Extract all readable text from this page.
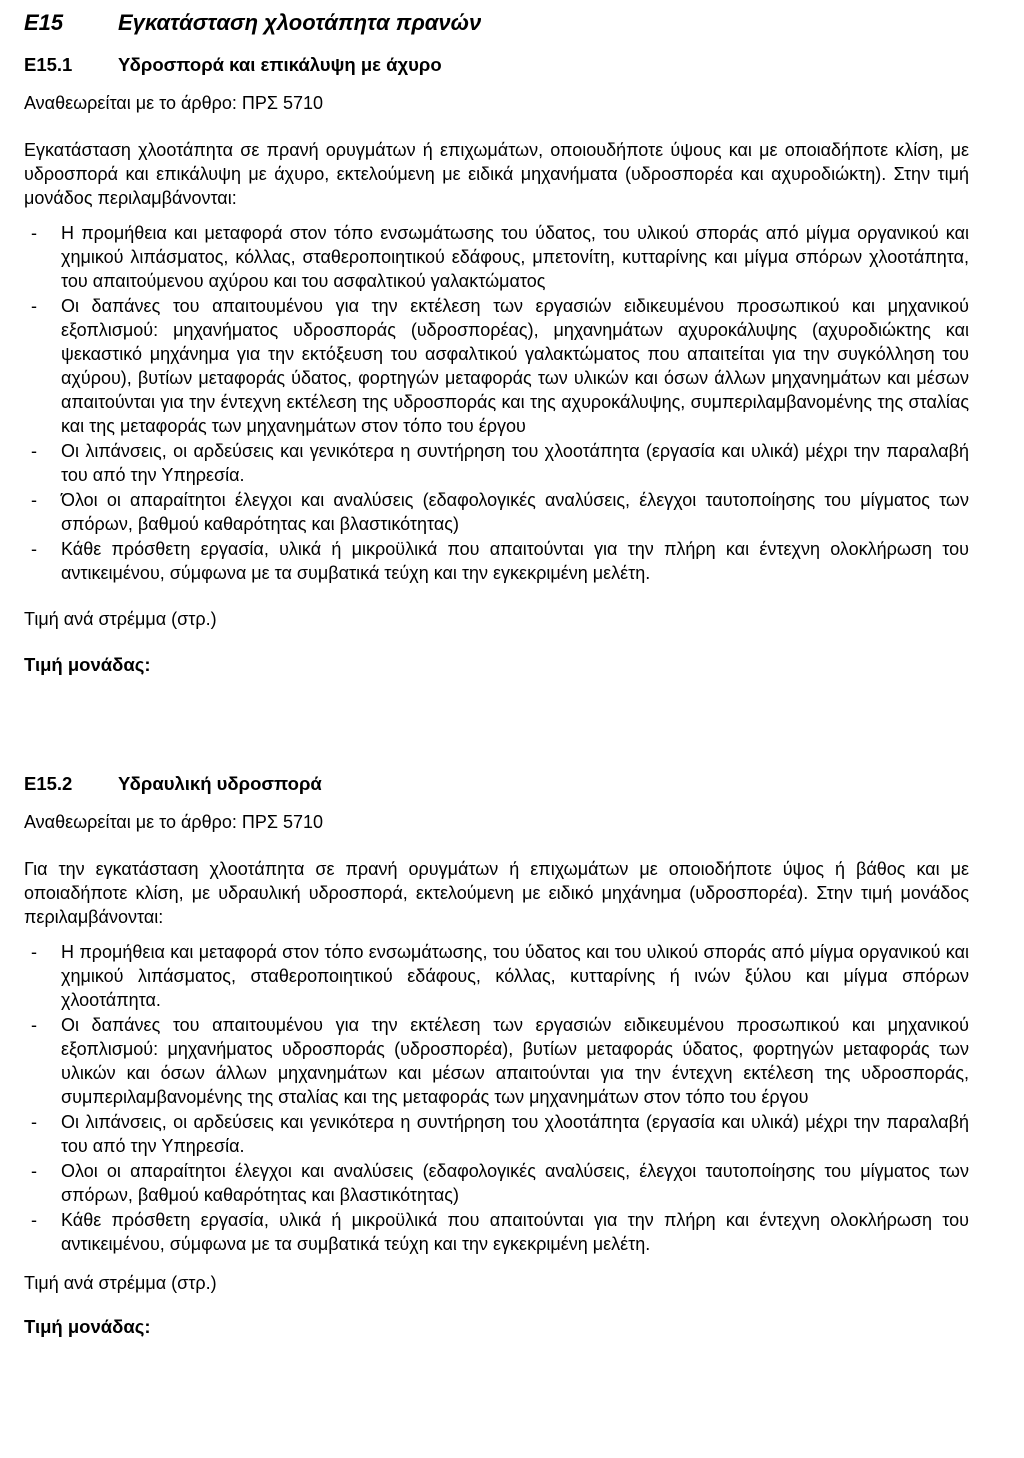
E15	Εγκατάσταση χλοοτάπητα πρανών
E15.1	Υδροσπορά και επικάλυψη με άχυρο
Αναθεωρείται με το άρθρο: ΠΡΣ 5710
Εγκατάσταση χλοοτάπητα σε πρανή ορυγμάτων ή επιχωμάτων, οποιουδήποτε ύψους και με οποιαδήποτε κλίση, με υδροσπορά και επικάλυψη με άχυρο, εκτελούμενη με ειδικά μηχανήματα (υδροσπορέα και αχυροδιώκτη). Στην τιμή μονάδος περιλαμβάνονται:
-	Η προμήθεια και μεταφορά στον τόπο ενσωμάτωσης του ύδατος, του υλικού σποράς από μίγμα οργανικού και χημικού λιπάσματος, κόλλας, σταθεροποιητικού εδάφους, μπετονίτη, κυτταρίνης και μίγμα σπόρων χλοοτάπητα, του απαιτούμενου αχύρου και του ασφαλτικού γαλακτώματος
-	Οι δαπάνες του απαιτουμένου για την εκτέλεση των εργασιών ειδικευμένου προσωπικού και μηχανικού εξοπλισμού: μηχανήματος υδροσποράς (υδροσπορέας), μηχανημάτων αχυροκάλυψης (αχυροδιώκτης και ψεκαστικό μηχάνημα για την εκτόξευση του ασφαλτικού γαλακτώματος που απαιτείται για την συγκόλληση του αχύρου), βυτίων μεταφοράς ύδατος, φορτηγών μεταφοράς των υλικών και όσων άλλων μηχανημάτων και μέσων απαιτούνται για την έντεχνη εκτέλεση της υδροσποράς και της αχυροκάλυψης, συμπεριλαμβανομένης της σταλίας και της μεταφοράς των μηχανημάτων στον τόπο του έργου
-	Οι λιπάνσεις, οι αρδεύσεις και γενικότερα η συντήρηση του χλοοτάπητα (εργασία και υλικά) μέχρι την παραλαβή του από την Υπηρεσία.
-	Όλοι οι απαραίτητοι έλεγχοι και αναλύσεις (εδαφολογικές αναλύσεις, έλεγχοι ταυτοποίησης του μίγματος των σπόρων, βαθμού καθαρότητας και βλαστικότητας)
-	Κάθε πρόσθετη εργασία, υλικά ή μικροϋλικά που απαιτούνται για την πλήρη και έντεχνη ολοκλήρωση του αντικειμένου, σύμφωνα με τα συμβατικά τεύχη και την εγκεκριμένη μελέτη.
Τιμή ανά στρέμμα (στρ.)
Τιμή μονάδας:
E15.2	Υδραυλική υδροσπορά
Αναθεωρείται με το άρθρο: ΠΡΣ 5710
Για την εγκατάσταση χλοοτάπητα σε πρανή ορυγμάτων ή επιχωμάτων με οποιοδήποτε ύψος ή βάθος και με οποιαδήποτε κλίση, με υδραυλική υδροσπορά, εκτελούμενη με ειδικό μηχάνημα (υδροσπορέα). Στην τιμή μονάδος περιλαμβάνονται:
-	Η προμήθεια και μεταφορά στον τόπο ενσωμάτωσης, του ύδατος και του υλικού σποράς από μίγμα οργανικού και χημικού λιπάσματος, σταθεροποιητικού εδάφους, κόλλας, κυτταρίνης ή ινών ξύλου και μίγμα σπόρων χλοοτάπητα.
-	Οι δαπάνες του απαιτουμένου για την εκτέλεση των εργασιών ειδικευμένου προσωπικού και μηχανικού εξοπλισμού: μηχανήματος υδροσποράς (υδροσπορέα), βυτίων μεταφοράς ύδατος, φορτηγών μεταφοράς των υλικών και όσων άλλων μηχανημάτων και μέσων απαιτούνται για την έντεχνη εκτέλεση της υδροσποράς, συμπεριλαμβανομένης της σταλίας και της μεταφοράς των μηχανημάτων στον τόπο του έργου
-	Οι λιπάνσεις, οι αρδεύσεις και γενικότερα η συντήρηση του χλοοτάπητα (εργασία και υλικά) μέχρι την παραλαβή του από την Υπηρεσία.
-	Ολοι οι απαραίτητοι έλεγχοι και αναλύσεις (εδαφολογικές αναλύσεις, έλεγχοι ταυτοποίησης του μίγματος των σπόρων, βαθμού καθαρότητας και βλαστικότητας)
-	Κάθε πρόσθετη εργασία, υλικά ή μικροϋλικά που απαιτούνται για την πλήρη και έντεχνη ολοκλήρωση του αντικειμένου, σύμφωνα με τα συμβατικά τεύχη και την εγκεκριμένη μελέτη.
Τιμή ανά στρέμμα (στρ.)
Τιμή μονάδας:
